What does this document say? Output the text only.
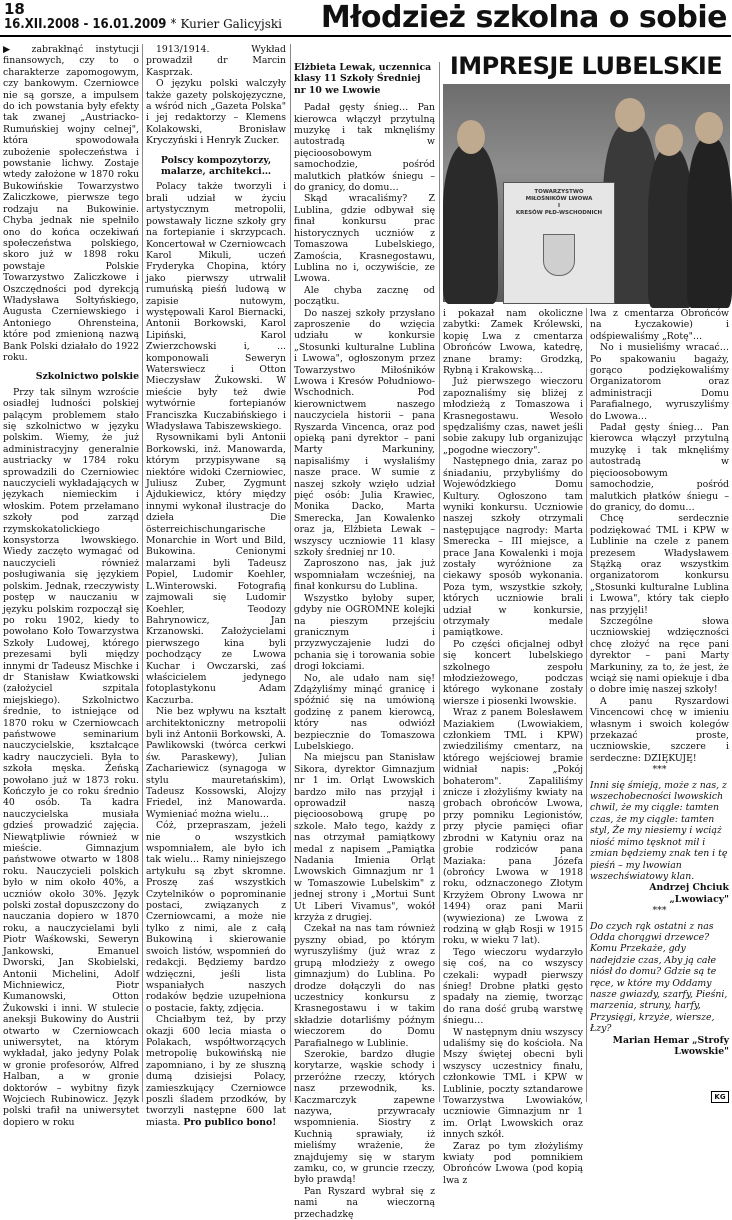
18
16.XII.2008 - 16.01.2009 * Kurier Galicyjski Młodzież szkolna o sobie

▶ zabrakłnąć instytucji finansowych, czy to o charakterze zapomogowym, czy bankowym. Czerniowce nie są gorsze, a impulsem do ich powstania były efekty tak zwanej „Austriacko-Rumuńskiej wojny celnej", która spowodowała zubożenie społeczeństwa i powstanie lichwy. Zostaje wtedy założone w 1870 roku Bukowińskie Towarzystwo Zaliczkowe, pierwsze tego rodzaju na Bukowinie. Chyba jednak nie spełniło ono do końca oczekiwań społeczeństwa polskiego, skoro już w 1898 roku powstaje Polskie Towarzystwo Zaliczkowe i Oszczędności pod dyrekcją Władysława Sołtyńskiego, Augusta Czerniewskiego i Antoniego Ohrensteina, które pod zmienioną nazwą Bank Polski działało do 1922 roku.

Szkolnictwo polskie

Przy tak silnym wzroście osiadłej ludności polskiej palącym problemem stało się szkolnictwo w języku polskim. Wiemy, że już administracyjny generalnie austriacky w 1784 roku sprowadzili do Czerniowiec nauczycieli wykładających w językach niemieckim i włoskim. Potem przełamano szkoły pod zarząd rzymskokatolickiego konsystorza lwowskiego. Wiedy zaczęto wymagać od nauczycieli również posługiwania się językiem polskim. Jednak, rzeczywisty postęp w nauczaniu w języku polskim rozpoczął się po roku 1902, kiedy to powołano Koło Towarzystwa Szkoły Ludowej, którego prezesami byli między innymi dr Tadeusz Mischke i dr Stanisław Kwiatkowski (założyciel szpitala miejskiego). Szkolnictwo średnie, to istniejące od 1870 roku w Czerniowcach państwowe seminarium nauczycielskie, kształcące kadry nauczycieli. Była to szkoła męska. Żeńską powołano już w 1873 roku. Kończyło je co roku średnio 40 osób. Ta kadra nauczycielska musiała gdzieś prowadzić zajęcia. Niewątpliwie również w mieście. Gimnazjum państwowe otwarto w 1808 roku. Nauczycieli polskich było w nim około 40%, a uczniów około 30%. Język polski został dopuszczony do nauczania dopiero w 1870 roku, a nauczycielami byli Piotr Waśkowski, Seweryn Jankowski, Emanuel Dworski, Jan Skobielski, Antonii Michelini, Adolf Michniewicz, Piotr Kumanowski, Otton Żukowski i inni. W stulecie aneksji Bukowiny do Austrii otwarto w Czerniowcach uniwersytet, na którym wykładał, jako jedyny Polak w gronie profesorów, Alfred Halban, a w gronie doktorów – wybitny fizyk Wojciech Rubinowicz. Język polski trafił na uniwersytet dopiero w roku

1913/1914. Wykład prowadził dr Marcin Kasprzak.

O języku polski walczyły także gazety polskojęzyczne, a wśród nich „Gazeta Polska" i jej redaktorzy – Klemens Kolakowski, Bronisław Kryczyński i Henryk Zucker.

Polscy kompozytorzy, malarze, architekci…

Polacy także tworzyli i brali udział w życiu artystycznym metropolii, powstawały liczne szkoły gry na fortepianie i skrzypcach. Koncertował w Czerniowcach Karol Mikuli, uczeń Fryderyka Chopina, który jako pierwszy utrwalił rumuńską pieśń ludową w zapisie nutowym, występowali Karol Biernacki, Antonii Borkowski, Karol Lipiński, Karol Zwierzchowski i, ... komponowali Seweryn Waterswiecz i Otton Mieczysław Żukowski. W mieście były też dwie wytwórnie fortepianów Franciszka Kuczabińskiego i Władysława Tabiszewskiego.

Rysownikami byli Antonii Borkowski, inż. Manowarda, którym przypisywane są niektóre widoki Czerniowiec, Juliusz Zuber, Zygmunt Ajdukiewicz, który między innymi wykonał ilustracje do dzieła Die österreichischungarische Monarchie in Wort und Bild, Bukowina. Cenionymi malarzami byli Tadeusz Popiel, Ludomir Koehler, L.Winterowski. Fotografią zajmowali się Ludomir Koehler, Teodozy Bahrynowicz, Jan Krzanowski. Założycielami pierwszego kina byli pochodzący ze Lwowa Kuchar i Owczarski, zaś właścicielem jedynego fotoplastykonu Adam Kaczurba.

Nie bez wpływu na kształt architektoniczny metropolii byli inż Antonii Borkowski, A. Pawlikowski (twórca cerkwi św. Paraskewy), Julian Zachariewicz (synagoga w stylu mauretańskim), Tadeusz Kossowski, Alojzy Friedel, inż Manowarda. Wymieniać można wielu…

Cóż, przepraszam, jeżeli nie o wszystkich wspomniałem, ale było ich tak wielu… Ramy niniejszego artykułu są zbyt skromne. Proszę zaś wszystkich Czytelników o poprominanie postaci, związanych z Czerniowcami, a może nie tylko z nimi, ale z całą Bukowiną i skierowanie swoich listów, wspomnień do redakcji. Będziemy bardzo wdzięczni, jeśli lista wspaniałych naszych rodaków będzie uzupełniona o postacie, fakty, zdjęcia.

Chciałbym też, by przy okazji 600 lecia miasta o Polakach, współtworzących metropolię bukowińską nie zapomniano, i by ze słuszną dumą dzisiejsi Polacy, zamieszkujący Czerniowce poszli śladem przodków, by tworzyli następne 600 lat miasta. Pro publico bono!

IMPRESJE LUBELSKIE
TOWARZYSTWO
MIŁOŚNIKÓW LWOWA
I
KRESÓW PŁD-WSCHODNICH

Elżbieta Lewak, uczennica klasy 11 Szkoły Średniej nr 10 we Lwowie

Padał gęsty śnieg… Pan kierowca włączył przytulną muzykę i tak mknęliśmy autostradą w pięcioosobowym samochodzie, pośród malutkich płatków śniegu – do granicy, do domu…

Skąd wracaliśmy? Z Lublina, gdzie odbywał się finał konkursu prac historycznych uczniów z Tomaszowa Lubelskiego, Zamościa, Krasnegostawu, Lublina no i, oczywiście, ze Lwowa.

Ale chyba zacznę od początku.

Do naszej szkoły przysłano zaproszenie do wzięcia udziału w konkursie „Stosunki kulturalne Lublina i Lwowa", ogłoszonym przez Towarzystwo Miłośników Lwowa i Kresów Południowo-Wschodnich. Pod kierownictwem naszego nauczyciela historii – pana Ryszarda Vincenca, oraz pod opieką pani dyrektor – pani Marty Markuniny, napisaliśmy i wysłaliśmy nasze prace. W sumie z naszej szkoły wzięło udział pięć osób: Julia Krawiec, Monika Dacko, Marta Smerecka, Jan Kowalenko oraz ja, Elżbieta Lewak – wszyscy uczniowie 11 klasy szkoły średniej nr 10.

Zaproszono nas, jak już wspomniałam wcześniej, na finał konkursu do Lublina.

Wszystko byłoby super, gdyby nie OGROMNE kolejki na pieszym przejściu granicznym i przyzwyczajenie ludzi do pchania się i torowania sobie drogi łokciami.

No, ale udało nam się! Zdążyliśmy minąć granicę i spóźnić się na umówioną godzinę z panem kierowcą, który nas odwiózł bezpiecznie do Tomaszowa Lubelskiego.

Na miejscu pan Stanisław Sikora, dyrektor Gimnazjum nr 1 im. Orląt Lwowskich bardzo miło nas przyjął i oprowadził naszą pięcioosobową grupę po szkole. Mało tego, każdy z nas otrzymał pamiątkowy medal z napisem „Pamiątka Nadania Imienia Orląt Lwowskich Gimnazjum nr 1 w Tomaszowie Lubelskim" z jednej strony i „Mortui Sunt Ut Liberi Vivamus", wokół krzyża z drugiej.

Czekał na nas tam również pyszny obiad, po którym wyruszyliśmy (już wraz z grupą młodzieży z owego gimnazjum) do Lublina. Po drodze dołączyli do nas uczestnicy konkursu z Krasnegostawu i w takim składzie dotarliśmy późnym wieczorem do Domu Parafialnego w Lublinie.

Szerokie, bardzo długie korytarze, wąskie schody i przeróżne rzeczy, których nasz przewodnik, ks. Kaczmarczyk zapewne nazywa, przywracały wspomnienia. Siostry z Kuchnią sprawiały, iż mieliśmy wrażenie, że znajdujemy się w starym zamku, co, w gruncie rzeczy, było prawdą!

Pan Ryszard wybrał się z nami na wieczorną przechadzkę

i pokazał nam okoliczne zabytki: Zamek Królewski, kopię Lwa z cmentarza Obrońców Lwowa, katedrę, znane bramy: Grodzką, Rybną i Krakowską…

Już pierwszego wieczoru zapoznaliśmy się bliżej z młodzieżą z Tomaszowa i Krasnegostawu. Wesoło spędzaliśmy czas, nawet jeśli sobie zakupy lub organizując „pogodne wieczory".

Następnego dnia, zaraz po śniadaniu, przybyliśmy do Wojewódzkiego Domu Kultury. Ogłoszono tam wyniki konkursu. Uczniowie naszej szkoły otrzymali następujące nagrody: Marta Smerecka – III miejsce, a prace Jana Kowalenki i moja zostały wyróżnione za ciekawy sposób wykonania. Poza tym, wszystkie szkoły, których uczniowie brali udział w konkursie, otrzymały medale pamiątkowe.

Po części oficjalnej odbył się koncert lubelskiego szkolnego zespołu młodzieżowego, podczas którego wykonane zostały wiersze i piosenki lwowskie.

Wraz z panem Bolesławem Maziakiem (Lwowiakiem, członkiem TML i KPW) zwiedziliśmy cmentarz, na którego wejściowej bramie widniał napis: „Pokój bohaterom". Zapaliliśmy znicze i złożyliśmy kwiaty na grobach obrońców Lwowa, przy pomniku Legionistów, przy płycie pamięci ofiar zbrodni w Katyniu oraz na grobie rodziców pana Maziaka: pana Józefa (obrońcy Lwowa w 1918 roku, odznaczonego Złotym Krzyżem Obrony Lwowa nr 1494) oraz pani Marii (wywieziona) ze Lwowa z rodziną w głąb Rosji w 1915 roku, w wieku 7 lat).

Tego wieczoru wydarzyło się coś, na co wszyscy czekali: wypadł pierwszy śnieg! Drobne płatki gęsto spadały na ziemię, tworząc do rana dość grubą warstwę śniegu…

W następnym dniu wszyscy udaliśmy się do kościoła. Na Mszy świętej obecni byli wszyscy uczestnicy finału, członkowie TML i KPW w Lublinie, poczty sztandarowe Towarzystwa Lwowiaków, uczniowie Gimnazjum nr 1 im. Orląt Lwowskich oraz innych szkół.

Zaraz po tym złożyliśmy kwiaty pod pomnikiem Obrońców Lwowa (pod kopią lwa z

lwa z cmentarza Obrońców na Łyczakowie) i odśpiewaliśmy „Rotę"…

No i musieliśmy wracać… Po spakowaniu bagaży, gorąco podziękowaliśmy Organizatorom oraz administracji Domu Parafialnego, wyruszyliśmy do Lwowa…

Padał gęsty śnieg… Pan kierowca włączył przytulną muzykę i tak mknęliśmy autostradą w pięcioosobowym samochodzie, pośród malutkich płatków śniegu – do granicy, do domu…

Chcę serdecznie podziękować TML i KPW w Lublinie na czele z panem prezesem Władysławem Stążką oraz wszystkim organizatorom konkursu „Stosunki kulturalne Lublina i Lwowa", który tak ciepło nas przyjęli!

Szczególne słowa uczniowskiej wdzięczności chcę złożyć na ręce pani dyrektor – pani Marty Markuniny, za to, że jest, że wciąż się nami opiekuje i dba o dobre imię naszej szkoły!

A panu Ryszardowi Vincencowi chcę w imieniu własnym i swoich kolegów przekazać proste, uczniowskie, szczere i serdeczne: DZIĘKUJĘ!

***

Inni się śmieją, może z nas, z wszechobecności lwowskich chwil, że my ciągle: tamten czas, że my ciągle: tamten styl, Że my niesiemy i wciąż niość mimo tęsknot mil i zmian będziemy znak ten i tę pieśń – my lwowian wszechświatowy klan.

Andrzej Chciuk „Lwowiacy"

***

Do czych rąk ostatni z nas Odda chorągwi drzewce? Komu Przekaże, gdy nadejdzie czas, Aby ją całe niósł do domu? Gdzie są te ręce, w które my Oddamy nasze gwiazdy, szarfy, Pieśni, marzenia, struny, harfy, Przysięgi, krzyże, wiersze, Łzy?

Marian Hemar „Strofy Lwowskie"

KG
